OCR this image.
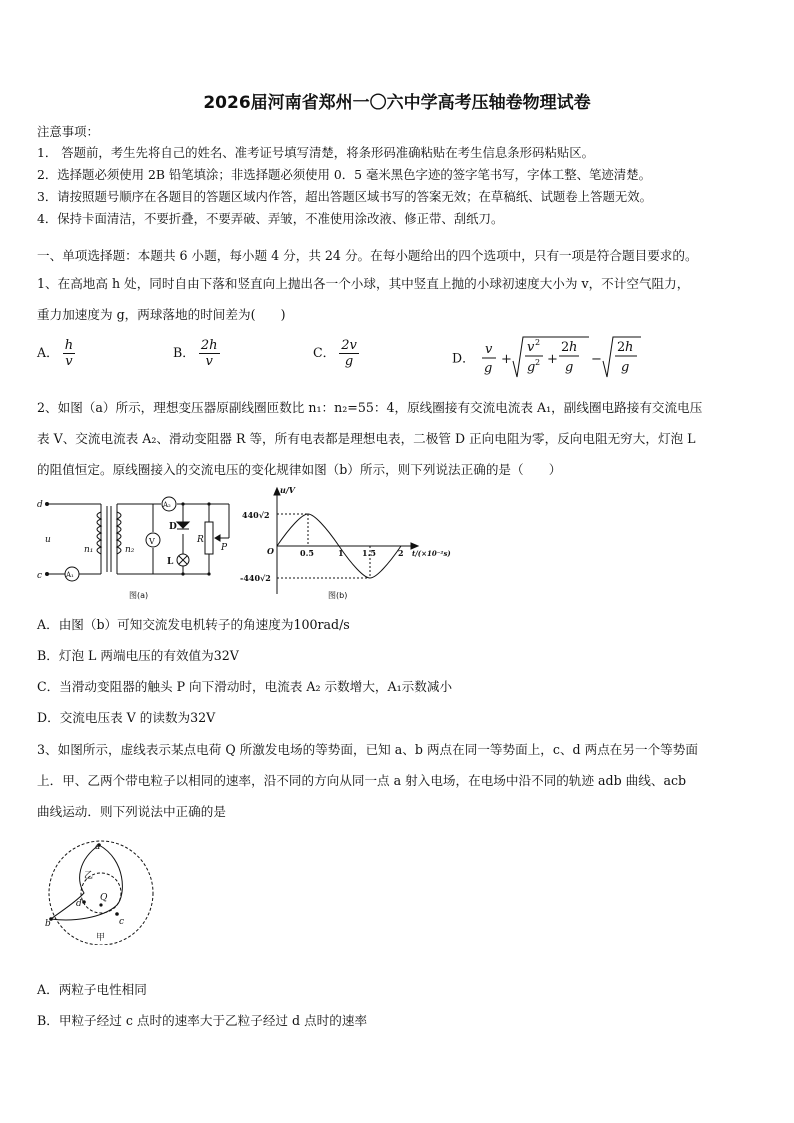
2026届河南省郑州一〇六中学高考压轴卷物理试卷
注意事项：
1． 答题前，考生先将自己的姓名、准考证号填写清楚，将条形码准确粘贴在考生信息条形码粘贴区。
2．选择题必须使用 2B 铅笔填涂；非选择题必须使用 0．5 毫米黑色字迹的签字笔书写，字体工整、笔迹清楚。
3．请按照题号顺序在各题目的答题区域内作答，超出答题区域书写的答案无效；在草稿纸、试题卷上答题无效。
4．保持卡面清洁，不要折叠，不要弄破、弄皱，不准使用涂改液、修正带、刮纸刀。
一、单项选择题：本题共 6 小题，每小题 4 分，共 24 分。在每小题给出的四个选项中，只有一项是符合题目要求的。
1、在高地高 h 处，同时自由下落和竖直向上抛出各一个小球，其中竖直上抛的小球初速度大小为 v，不计空气阻力，
重力加速度为 g，两球落地的时间差为(　　)
A． $\frac{h}{v}$	B． $\frac{2h}{v}$	C． $\frac{2v}{g}$	D．
v
g
+
v 2
g 2 +
2 h
g
−
2 h
g
2、如图（a）所示，理想变压器原副线圈匝数比 n₁：n₂=55：4，原线圈接有交流电流表 A₁，副线圈电路接有交流电压
表 V、交流电流表 A₂、滑动变阻器 R 等，所有电表都是理想电表，二极管 D 正向电阻为零，反向电阻无穷大，灯泡 L
的阻值恒定。原线圈接入的交流电压的变化规律如图（b）所示，则下列说法正确的是（　　）
d
u
c	A₁
n₁	n₂
V
A₂
D
L
R
P
图(a)
u/V
440√2
O	0.5	1 1.5	2 t/(×10⁻²s)
-440√2
图(b)
A．由图（b）可知交流发电机转子的角速度为100rad/s
B．灯泡 L 两端电压的有效值为32V
C．当滑动变阻器的触头 P 向下滑动时，电流表 A₂ 示数增大，A₁示数减小
D．交流电压表 V 的读数为32V
3、如图所示，虚线表示某点电荷 Q 所激发电场的等势面，已知 a、b 两点在同一等势面上，c、d 两点在另一个等势面
上．甲、乙两个带电粒子以相同的速率，沿不同的方向从同一点 a 射入电场，在电场中沿不同的轨迹 adb 曲线、acb
曲线运动．则下列说法中正确的是
a
乙
d
Q
c
b
甲
A．两粒子电性相同
B．甲粒子经过 c 点时的速率大于乙粒子经过 d 点时的速率
